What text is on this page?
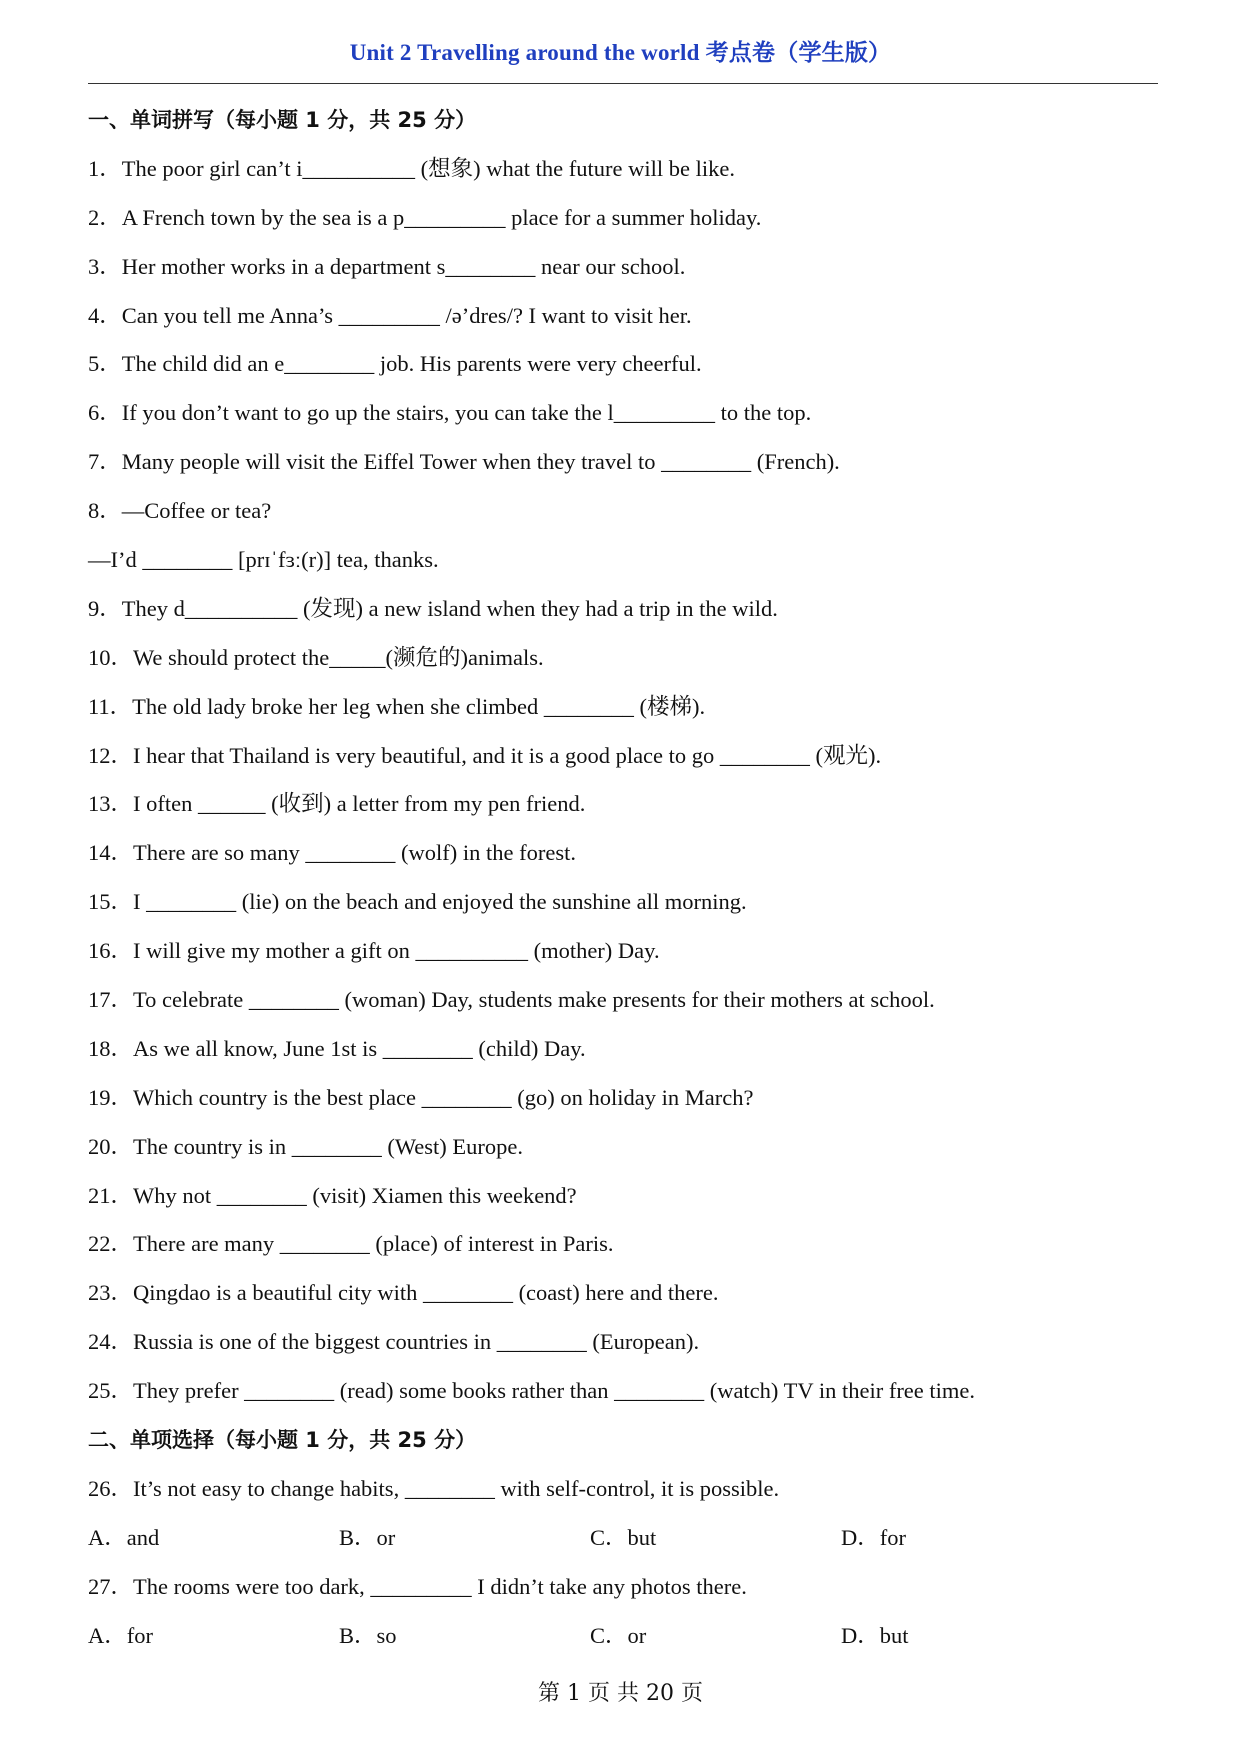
Unit 2 Travelling around the world 考点卷（学生版）
一、单词拼写（每小题 1 分，共 25 分）
1．The poor girl can’t i__________ (想象) what the future will be like.
2．A French town by the sea is a p_________ place for a summer holiday.
3．Her mother works in a department s________ near our school.
4．Can you tell me Anna’s _________ /ə’dres/? I want to visit her.
5．The child did an e________ job. His parents were very cheerful.
6．If you don’t want to go up the stairs, you can take the l_________ to the top.
7．Many people will visit the Eiffel Tower when they travel to ________ (French).
8．—Coffee or tea?
—I’d ________ [prɪˈfɜː(r)] tea, thanks.
9．They d__________ (发现) a new island when they had a trip in the wild.
10．We should protect the_____(濒危的)animals.
11．The old lady broke her leg when she climbed ________ (楼梯).
12．I hear that Thailand is very beautiful, and it is a good place to go ________ (观光).
13．I often ______ (收到) a letter from my pen friend.
14．There are so many ________ (wolf) in the forest.
15．I ________ (lie) on the beach and enjoyed the sunshine all morning.
16．I will give my mother a gift on __________ (mother) Day.
17．To celebrate ________ (woman) Day, students make presents for their mothers at school.
18．As we all know, June 1st is ________ (child) Day.
19．Which country is the best place ________ (go) on holiday in March?
20．The country is in ________ (West) Europe.
21．Why not ________ (visit) Xiamen this weekend?
22．There are many ________ (place) of interest in Paris.
23．Qingdao is a beautiful city with ________ (coast) here and there.
24．Russia is one of the biggest countries in ________ (European).
25．They prefer ________ (read) some books rather than ________ (watch) TV in their free time.
二、单项选择（每小题 1 分，共 25 分）
26．It’s not easy to change habits, ________ with self-control, it is possible.
A．and	B．or	C．but	D．for
27．The rooms were too dark, _________ I didn’t take any photos there.
A．for	B．so	C．or	D．but
第 1 页 共 20 页
